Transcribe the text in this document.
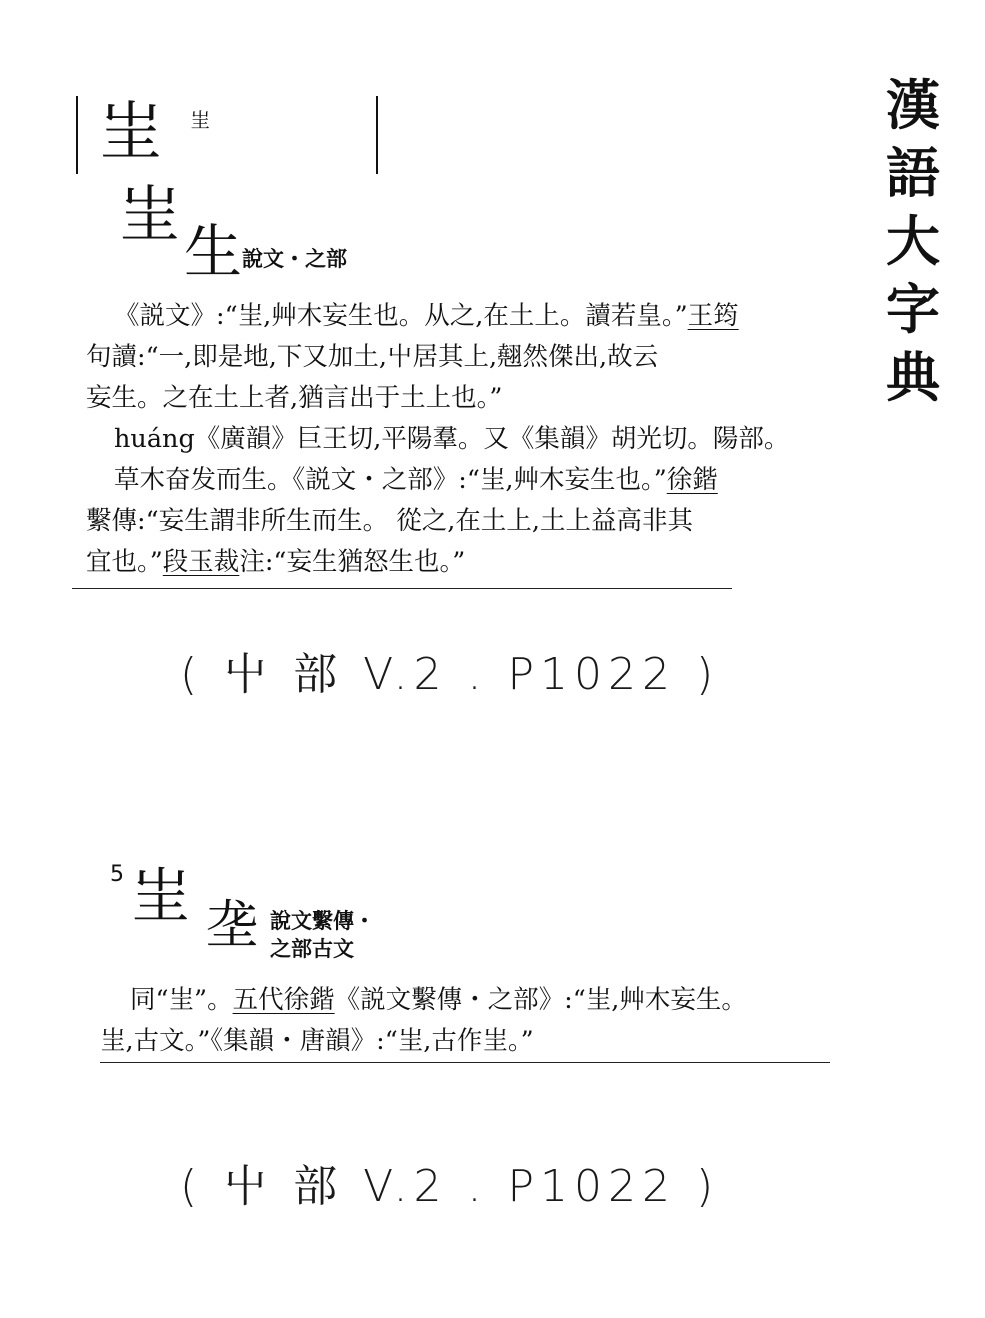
漢
語
大
字
典
㞷 㞷
㞷
生 說文・之部
《説文》:“㞷,艸木妄生也。从之,在土上。讀若皇。”王筠
句讀:“一,即是地,下又加土,屮居其上,翹然傑出,故云
妄生。之在土上者,猶言出于土上也。”
huáng《廣韻》巨王切,平陽羣。又《集韻》胡光切。陽部。
草木奋发而生。《説文・之部》:“㞷,艸木妄生也。”徐鍇
繫傳:“妄生謂非所生而生。 從之,在土上,土上益高非其
宜也。”段玉裁注:“妄生猶怒生也。”
( 屮 部 V.2 . P1022 )
5 㞷 垄 說文繫傳・
之部古文
同“㞷”。五代徐鍇《説文繫傳・之部》:“㞷,艸木妄生。
㞷,古文。”《集韻・唐韻》:“㞷,古作㞷。”
( 屮 部 V.2 . P1022 )
